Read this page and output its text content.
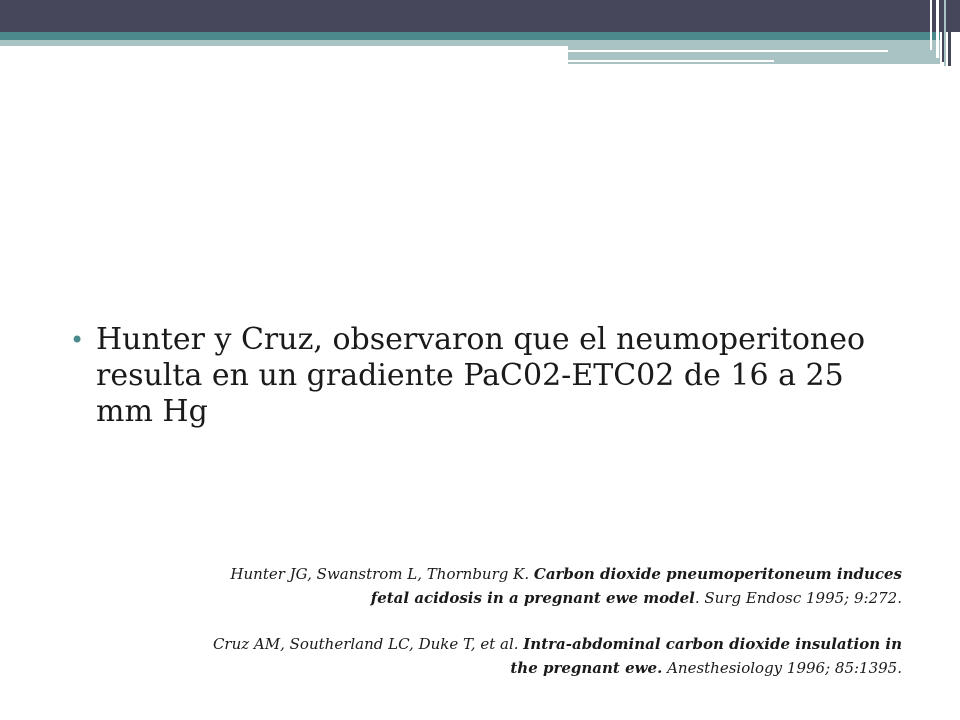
• Hunter y Cruz, observaron que el neumoperitoneo resulta en un gradiente PaC02-ETC02 de 16 a 25 mm Hg

Hunter JG, Swanstrom L, Thornburg K. Carbon dioxide pneumoperitoneum induces fetal acidosis in a pregnant ewe model. Surg Endosc 1995; 9:272.

Cruz AM, Southerland LC, Duke T, et al. Intra-abdominal carbon dioxide insulation in the pregnant ewe. Anesthesiology 1996; 85:1395.
